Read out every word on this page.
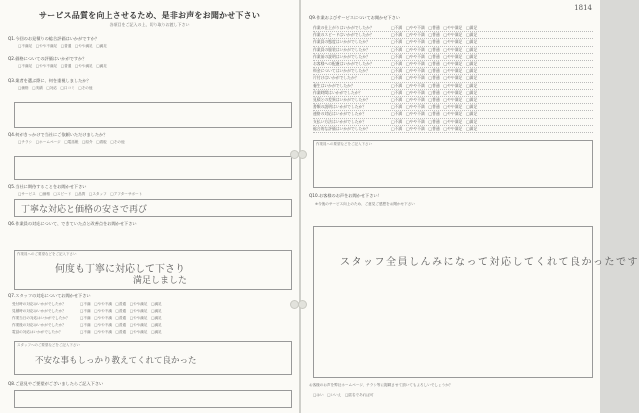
サービス品質を向上させるため、是非お声をお聞かせ下さい
各項目をご記入の上、切り取りお渡し下さい
Q1.今回のお見積りの総合評価はいかがですか？
□不満足　□やや不満足　□普通　□やや満足　□満足
Q2.価格についての評価はいかがですか？
□不満足　□やや不満足　□普通　□やや満足　□満足
Q3.業者を選ぶ際に、何を重視しましたか？
□価格　□実績　□対応　□口コミ　□その他
Q4.何がきっかけで当社にご依頼いただけましたか？
□チラシ　□ホームページ　□電話帳　□紹介　□看板　□その他
Q5.当社に期待することをお聞かせ下さい
□サービス　□価格　□スピード　□品質　□スタッフ　□アフターサポート
丁寧な対応と価格の安さで再び
Q6.作業員の対応について、できていた点と改善点をお聞かせ下さい
作業員へのご要望などをご記入下さい
何度も丁寧に対応して下さり
満足しました
Q7.スタッフの対応についてお聞かせ下さい
受付時の対応はいかがでしたか？	□不満　□やや不満　□普通　□やや満足　□満足
見積時の対応はいかがでしたか？	□不満　□やや不満　□普通　□やや満足　□満足
作業当日の対応はいかがでしたか？	□不満　□やや不満　□普通　□やや満足　□満足
作業後の対応はいかがでしたか？	□不満　□やや不満　□普通　□やや満足　□満足
電話の対応はいかがでしたか？	□不満　□やや不満　□普通　□やや満足　□満足
スタッフへのご要望などをご記入下さい
不安な事もしっかり教えてくれて良かった
Q8.ご意見やご要望がございましたらご記入下さい
1814
Q9.作業およびサービスについてお聞かせ下さい
作業の仕上がりはいかがでしたか？	□不満　□やや不満　□普通　□やや満足　□満足
作業のスピードはいかがでしたか？	□不満　□やや不満　□普通　□やや満足　□満足
作業員の態度はいかがでしたか？	□不満　□やや不満　□普通　□やや満足　□満足
作業員の服装はいかがでしたか？	□不満　□やや不満　□普通　□やや満足　□満足
作業前の説明はいかがでしたか？	□不満　□やや不満　□普通　□やや満足　□満足
お客様への配慮はいかがでしたか？	□不満　□やや不満　□普通　□やや満足　□満足
料金についてはいかがでしたか？	□不満　□やや不満　□普通　□やや満足　□満足
片付けはいかがでしたか？	□不満　□やや不満　□普通　□やや満足　□満足
養生はいかがでしたか？	□不満　□やや不満　□普通　□やや満足　□満足
作業時間はいかがでしたか？	□不満　□やや不満　□普通　□やや満足　□満足
見積との差異はいかがでしたか？	□不満　□やや不満　□普通　□やや満足　□満足
書類の説明はいかがでしたか？	□不満　□やや不満　□普通　□やや満足　□満足
連絡の対応はいかがでしたか？	□不満　□やや不満　□普通　□やや満足　□満足
支払い方法はいかがでしたか？	□不満　□やや不満　□普通　□やや満足　□満足
総合的な評価はいかがでしたか？	□不満　□やや不満　□普通　□やや満足　□満足
作業員への要望などをご記入下さい
Q10.お客様のお声をお聞かせ下さい！
※今後のサービス向上のため、ご意見ご感想をお聞かせ下さい
スタッフ全員しんみになって対応してくれて良かったです
お客様のお声を弊社ホームページ、チラシ等に掲載させて頂いてもよろしいでしょうか？
□はい　□いいえ　□匿名であれば可
